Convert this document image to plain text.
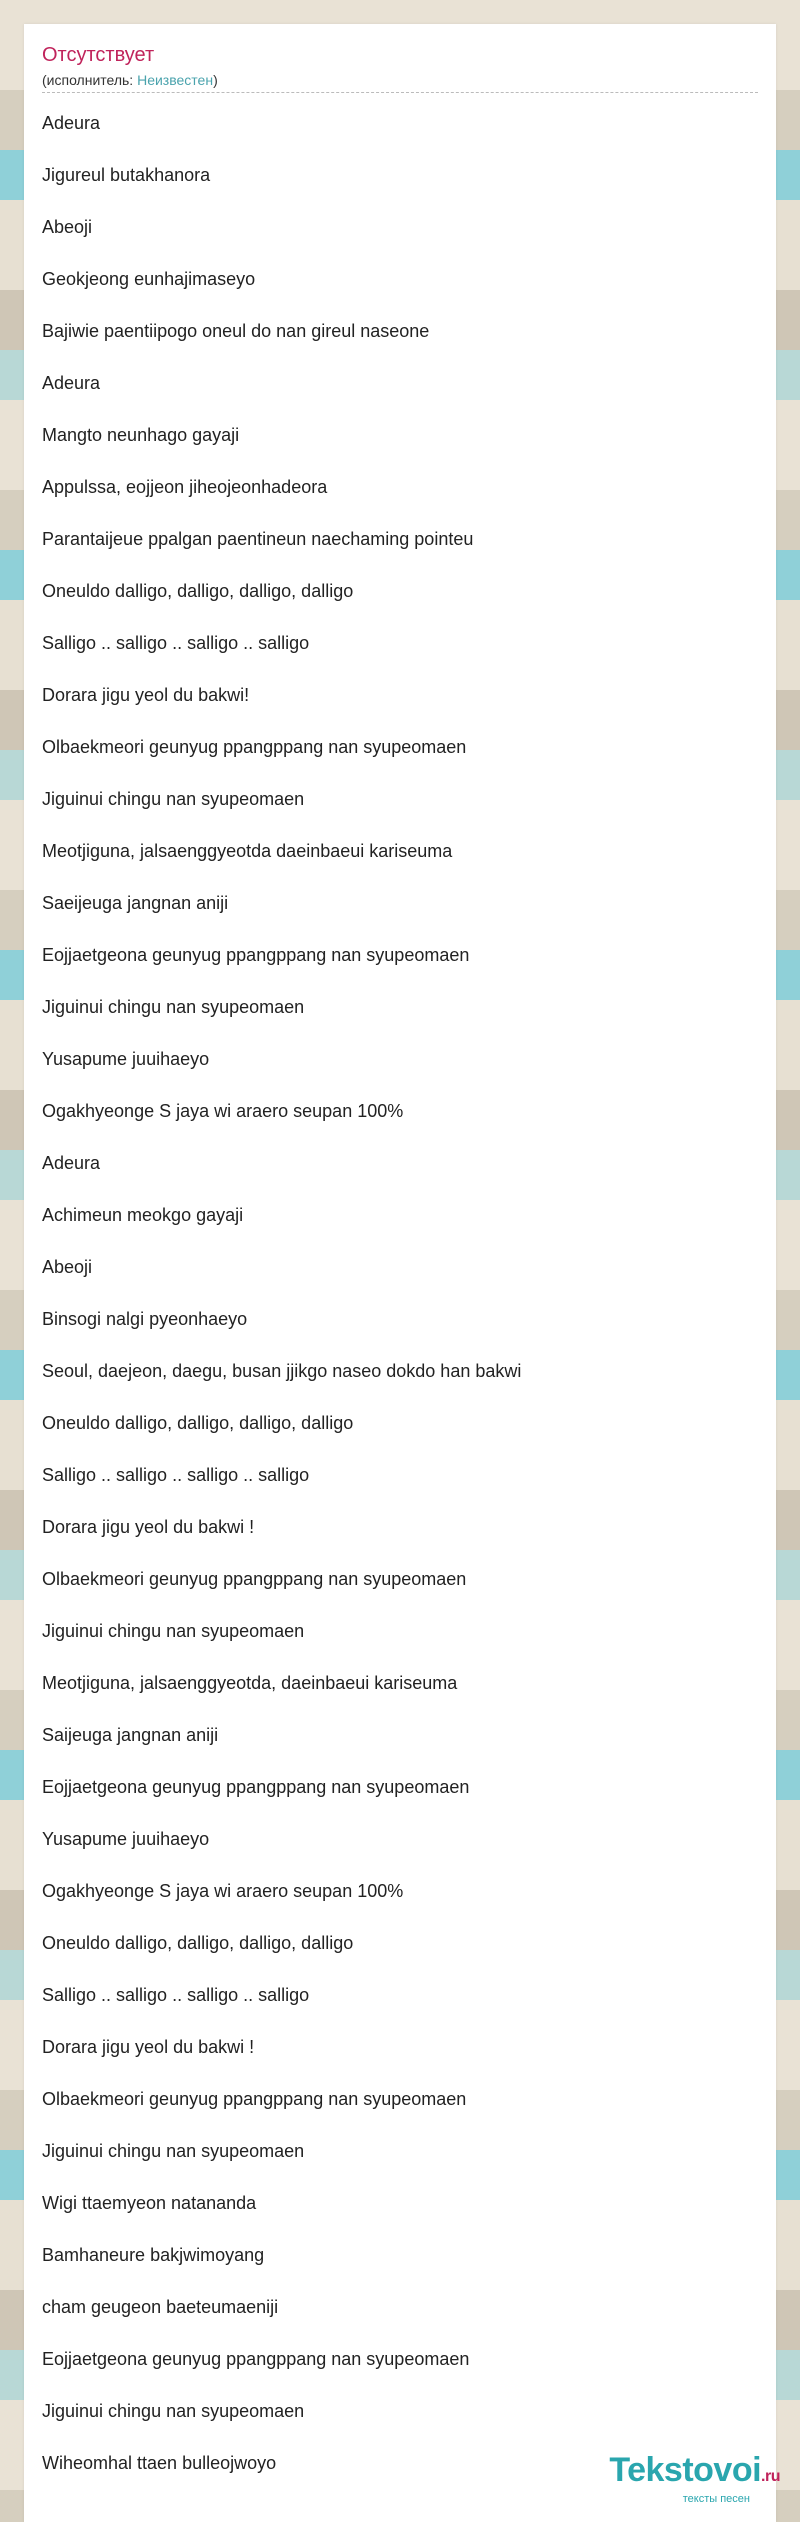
Отсутствует
(исполнитель: Неизвестен)
Adeura
Jigureul butakhanora
Abeoji
Geokjeong eunhajimaseyo
Bajiwie paentiipogo oneul do nan gireul naseone
Adeura
Mangto neunhago gayaji
Appulssa, eojjeon jiheojeonhadeora
Parantaijeue ppalgan paentineun naechaming pointeu
Oneuldo dalligo, dalligo, dalligo, dalligo
Salligo .. salligo .. salligo .. salligo
Dorara jigu yeol du bakwi!
Olbaekmeori geunyug ppangppang nan syupeomaen
Jiguinui chingu nan syupeomaen
Meotjiguna, jalsaenggyeotda daeinbaeui kariseuma
Saeijeuga jangnan aniji
Eojjaetgeona geunyug ppangppang nan syupeomaen
Jiguinui chingu nan syupeomaen
Yusapume juuihaeyo
Ogakhyeonge S jaya wi araero seupan 100%
Adeura
Achimeun meokgo gayaji
Abeoji
Binsogi nalgi pyeonhaeyo
Seoul, daejeon, daegu, busan jjikgo naseo dokdo han bakwi
Oneuldo dalligo, dalligo, dalligo, dalligo
Salligo .. salligo .. salligo .. salligo
Dorara jigu yeol du bakwi !
Olbaekmeori geunyug ppangppang nan syupeomaen
Jiguinui chingu nan syupeomaen
Meotjiguna, jalsaenggyeotda, daeinbaeui kariseuma
Saijeuga jangnan aniji
Eojjaetgeona geunyug ppangppang nan syupeomaen
Yusapume juuihaeyo
Ogakhyeonge S jaya wi araero seupan 100%
Oneuldo dalligo, dalligo, dalligo, dalligo
Salligo .. salligo .. salligo .. salligo
Dorara jigu yeol du bakwi !
Olbaekmeori geunyug ppangppang nan syupeomaen
Jiguinui chingu nan syupeomaen
Wigi ttaemyeon natananda
Bamhaneure bakjwimoyang
cham geugeon baeteumaeniji
Eojjaetgeona geunyug ppangppang nan syupeomaen
Jiguinui chingu nan syupeomaen
Wiheomhal ttaen bulleojwoyo	Tekstovoi.ru
тексты песен
